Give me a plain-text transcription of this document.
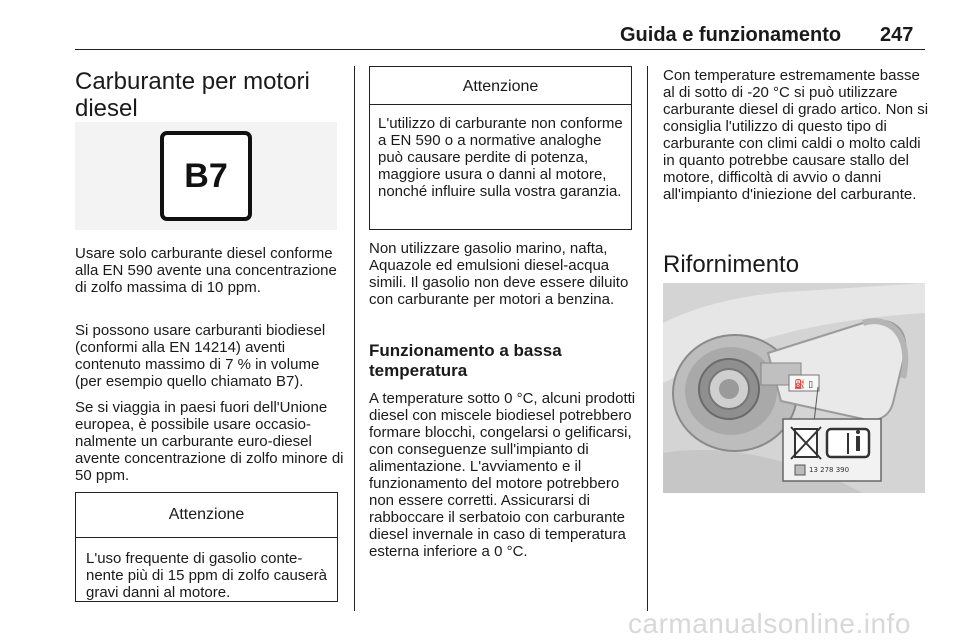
Guida e funzionamento 247
Carburante per motori
diesel
B7

Usare solo carburante diesel conforme alla EN 590 avente una concentrazione di zolfo massima di 10 ppm.

Si possono usare carburanti biodiesel (conformi alla EN 14214) aventi contenuto massimo di 7 % in volume (per esempio quello chiamato B7).

Se si viaggia in paesi fuori dell'Unione europea, è possibile usare occasionalmente un carburante euro-diesel avente concentrazione di zolfo minore di 50 ppm.

Attenzione

L'uso frequente di gasolio contenente più di 15 ppm di zolfo causerà gravi danni al motore.

Attenzione

L'utilizzo di carburante non conforme a EN 590 o a normative analoghe può causare perdite di potenza, maggiore usura o danni al motore, nonché influire sulla vostra garanzia.

Non utilizzare gasolio marino, nafta, Aquazole ed emulsioni diesel-acqua simili. Il gasolio non deve essere diluito con carburante per motori a benzina.

Funzionamento a bassa temperatura

A temperature sotto 0 °C, alcuni prodotti diesel con miscele biodiesel potrebbero formare blocchi, congelarsi o gelificarsi, con conseguenze sull'impianto di alimentazione. L'avviamento e il funzionamento del motore potrebbero non essere corretti. Assicurarsi di rabboccare il serbatoio con carburante diesel invernale in caso di temperatura esterna inferiore a 0 °C.

Con temperature estremamente basse al di sotto di -20 °C si può utilizzare carburante diesel di grado artico. Non si consiglia l'utilizzo di questo tipo di carburante con climi caldi o molto caldi in quanto potrebbe causare stallo del motore, difficoltà di avvio o danni all'impianto d'iniezione del carburante.

Rifornimento
⛽ ▯
13 278 390
carmanualsonline.info
